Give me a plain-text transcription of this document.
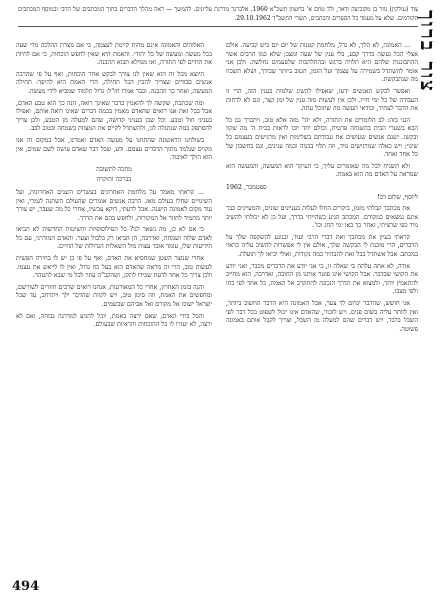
צור ברוך
494
צוד (עולקין) גוזר בן מקוביצה ודאר, ולד טוזם א' בחשוון תשכ"א 1960. אלברגר מדרגת עליונים. להמשך — ראה מהלך הדברים בתוך המכתבים של הרבי ובמוסף המכתבים הקודמים. שלא על מעמד כל הספרים והכתבים, תשרי התשכ"ד 29.10.1962.

... האמונה, לא הלך, לא גדל, מלחמת קטנות של יום יום ביש קביעה. אולם אצלי הכל נעשה בדרך קבע, בלי ענין של שעה ומצב; שלא כמו הרבים אשר ההתבוננות שלהם היא תלויה ברגש ובהתלהבות שלפעמים נחלשת. ולכן אני אומר להשתדל בשמירה על עצמך ועל הזמן, הטוב ביותר שבידך, ושלא תשכח מה שנתבקשת.

ואפשר לבקש האנשים ידעו, שאפילו להשיג שלמות בענין הזה, הרי זו העבודה של כל ימי חייו. ולכן אין לעשות מזה ענין של זמן קצר, וגם לא לדחות את הדבר לעתיד, ובודאי תעשה מה שתוכל עתה.

הנני בזה: לב הלומדים את התורה, ולא יהי' מזה אלא טוב, ויתברך גם כל הבא בשערי הבית בהשגחה פרטית, וכולם יחד יזכו לראות בבית ה' מה שקוו ובקשו. ישנם אנשים שעושים את עבודתם בשלימות ואין מרגישים בעצמם כל שינוי; ויש כאלה שמרגישים מיד, וזה תלוי בכמה וכמה ענינים, וגם בחשבון של כל אחד ואחד.

ולא תשגיח לכל מה שאומרים עליך, כי העיקר הוא המעשה, והמעשה הוא שמראה על האדם מה הוא באמת.

ספטמבר, 1962
ליוסף, שלום רב!

את מכתבך קבלתי מזמן, ביקרים החלו לעלות בעניינים שונים, והמעיינים כבר אינם נמצאים כמקודם. המכתב הגיע כשהייתי בדרך, ועל כן לא יכולתי להשיב מיד כפי שרציתי, ואחר כך באו ימי החג וכו'.

קראתי בעיון את מכתבך ואת דברי הרבי ועוד, ובנוגע להשקפה שלך על הדברים, הרי מובנת לי הבקשה שלך, אולם אין לי אפשרות להשיב עליה כראוי במכתב. אבל אשתדל בכל זאת להבהיר כמה נקודות, ואולי יביאו לך תועלת.

אודה, לא אתה עלתה בי שאלה זו, כי אני יודע את הדברים מכבר, ואני יודע את הקושי שבדבר. אבל הקושי אינו פוטר אותנו מן החובה, ואדרבה, הוא מחייב להתאמץ יותר, ולמצוא את הדרך הנכונה להתקרב אל האמת, כל אחד לפי כחו ולפי מצבו.

אני חושש, שהדבר יגרום לך צער, אבל האמונה היא הדבר החשוב ביותר, ואין לוותר עליה בשום פנים. ויש לזכור, שהאדם אינו יכול לשפוט בכל דבר לפי השכל בלבד, ויש דברים שהם למעלה מן השכל, וצריך לקבל אותם באמונה פשוטה.

האלוהים והאמונה אינם מהות קיימת לעצמה, כי אם נוצרת ההלכה מדי שעה בכל מעשה ומעשה של כל יהודי. והאמת היא שאין לחפש הוכחות, כי אם לחיות את החיים לפי התורה, ואז ממילא תבוא ההבנה.

היוצא מכל זה הוא שאין לנו צורך לבקש אחר הוכחות, ואף על פי שהרבה אנשים סבורים שצריך להבין הכל תחילה, הרי האמת היא להיפך: תחילה המעשה, ואחר כך ההבנה. וכבר אמרו חז"ל: גדול תלמוד שמביא לידי מעשה.

ומה שכתבת, שקשה לך להאמין בדבר שאינך רואה, הנה כך הוא טבע האדם, אבל בכל זאת אנו רואים שהאדם מאמין בכמה דברים שאינו רואה אותם, ואפילו בעניני חול וטבע. וכל שכן בעניני קדושה, שהם למעלה מן הטבע, ולכן צריך להסתפק במה שנתגלה לנו, ולהשתדל לקיים את המצוות בשמחה ובטוב לבב.

בשולחנו הראשונה שהתחנו על מעשה האדם ואמרנו, אבל במקום זה אנו מקוים שנלמד מתוך הדברים עצמם. ודע, שכל דבר שאדם עושה לשם שמים, אין הוא הולך לאיבוד.

מחכה לתשובה
בברכה והוקרה

... קראתי מאמר על מלחמת האחרונים בעשרים השנים האחרונות, ועל השינויים שחלו בעולם מאז. הרבה אנשים אומרים שהעולם השתנה לגמרי, ואין עוד מקום לאמונה הישנה. אבל לדעתי, דוקא עכשיו, אחרי כל מה שעבר, יש צורך יותר מתמיד לחזור אל המקורות, ולחפש בהם את הדרך.

כי אם לא כן, מה נשאר לנו? כל הפילוסופיות והשיטות החדשות לא הביאו לאדם שלוה ושמחה, ואדרבה, הן הביאו רק בלבול וצער. והאדם המודרני, עם כל הידיעות שלו, עומד אובד עצות מול השאלות הגדולות של החיים.

אחרי שנוצר השטן שמחסיא את האדם, ואף על פי כן יש לו בחירה חפשית לעשות טוב, הרי זה מראה שהאדם הוא בעל כח גדול, ואין לו לייאש את עצמו. ולכן צריך כל אחד לדעת שבידו לתקן, ושהקב"ה עוזר לכל מי שבא להטהר.

והנה בזמן האחרון, אחרי כל המאורעות, אנחנו רואים שרבים חוזרים לשורשם, ומחפשים את האמת, וזה סימן טוב, ויש לקוות שהדבר ילך ויתרחב, עד שכל ישראל ישובו אל מקורם ואל אביהם שבשמים.

והכל בידי האדם, שאם ירצה באמת, יוכל להגיע למדרגה גבוהה, ואם לא ירצה, לא יעזרו לו כל ההוכחות והראיות שבעולם.
